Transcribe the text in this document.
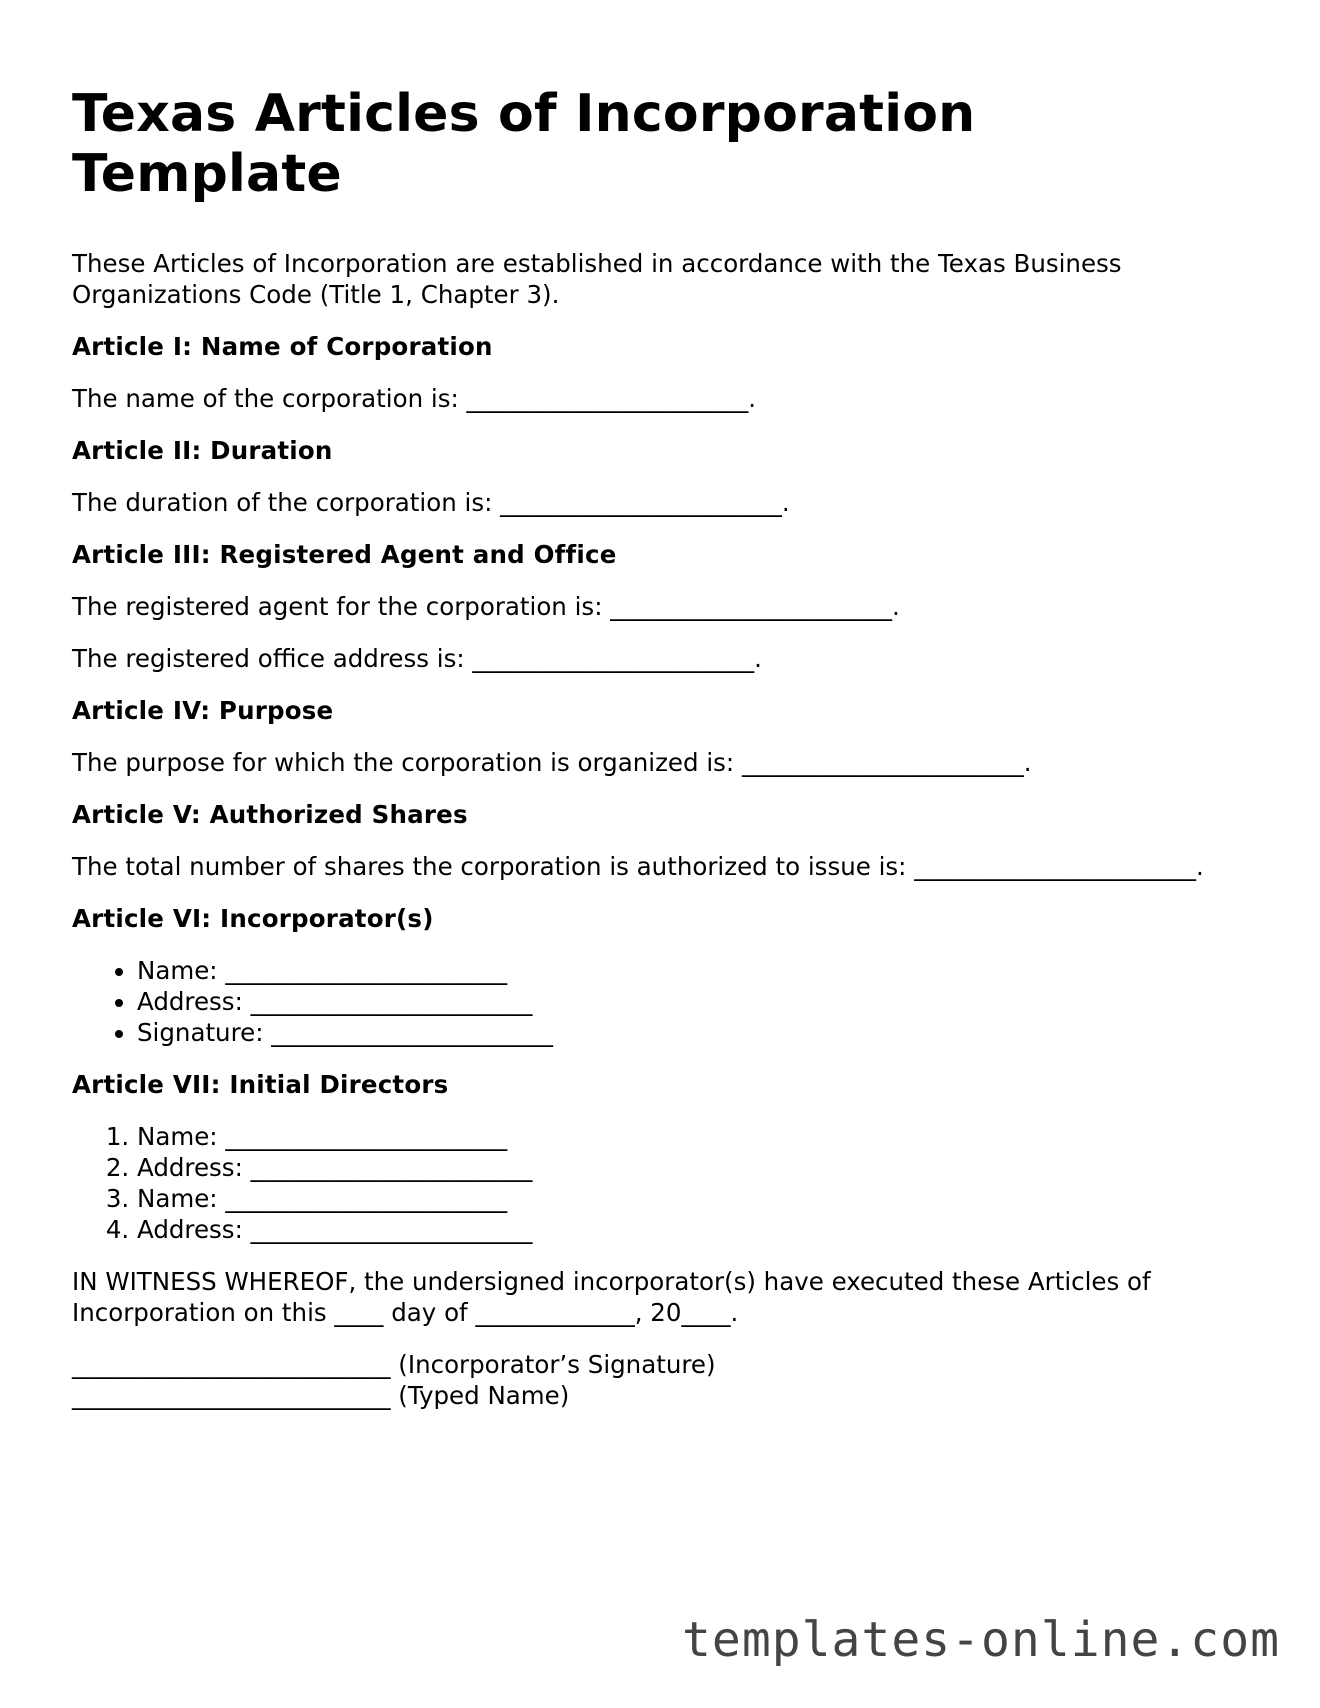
Texas Articles of Incorporation Template

These Articles of Incorporation are established in accordance with the Texas Business Organizations Code (Title 1, Chapter 3).

Article I: Name of Corporation

The name of the corporation is: _______________________.

Article II: Duration

The duration of the corporation is: _______________________.

Article III: Registered Agent and Office

The registered agent for the corporation is: _______________________.

The registered office address is: _______________________.

Article IV: Purpose

The purpose for which the corporation is organized is: _______________________.

Article V: Authorized Shares

The total number of shares the corporation is authorized to issue is: _______________________.

Article VI: Incorporator(s)
• Name: _______________________
• Address: _______________________
• Signature: _______________________
Article VII: Initial Directors
1. Name: _______________________
2. Address: _______________________
3. Name: _______________________
4. Address: _______________________

IN WITNESS WHEREOF, the undersigned incorporator(s) have executed these Articles of Incorporation on this ____ day of _____________, 20____.

__________________________ (Incorporator’s Signature)
__________________________ (Typed Name)
templates-online.com
